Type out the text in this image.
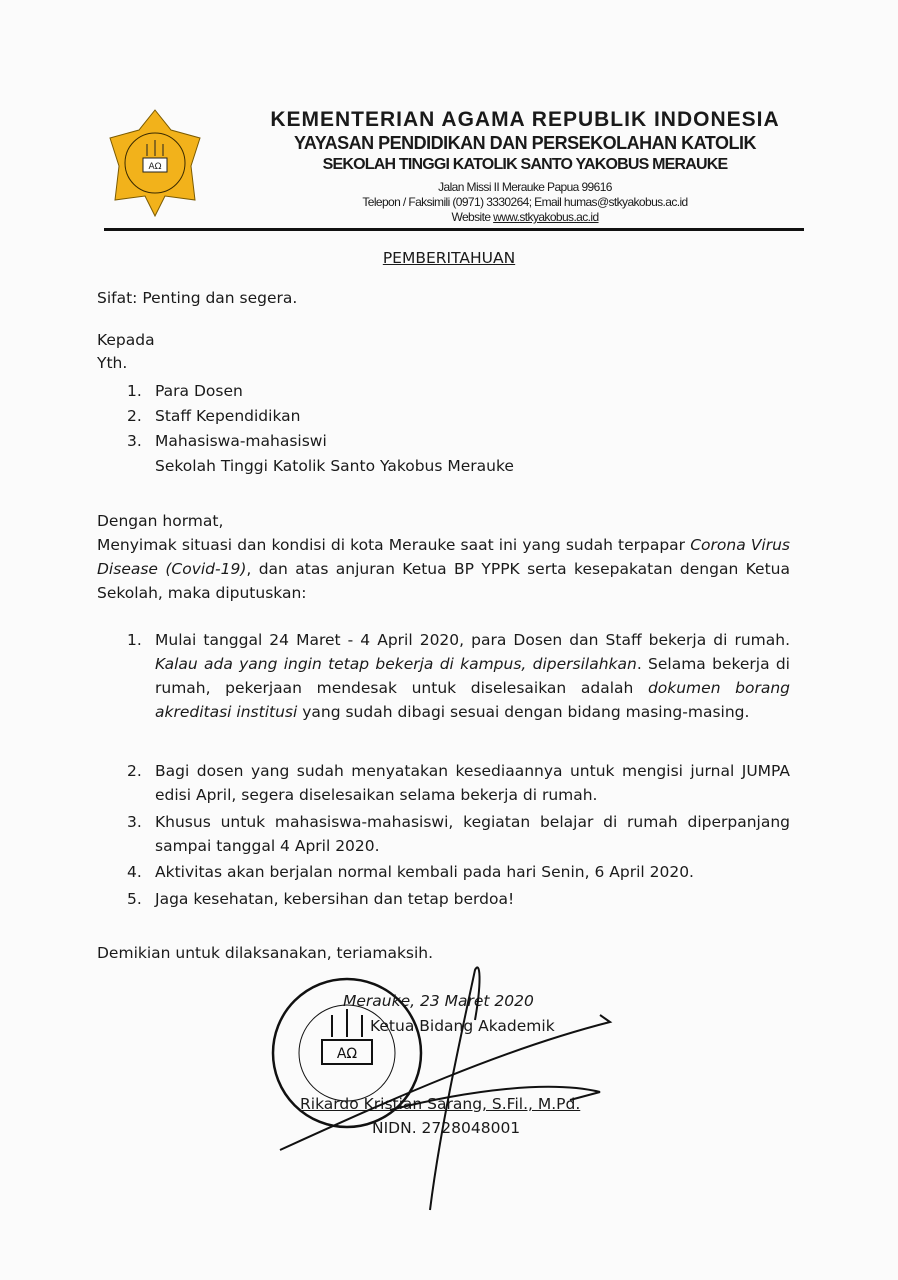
AΩ
KEMENTERIAN AGAMA REPUBLIK INDONESIA
YAYASAN PENDIDIKAN DAN PERSEKOLAHAN KATOLIK
SEKOLAH TINGGI KATOLIK SANTO YAKOBUS MERAUKE
Jalan Missi II Merauke Papua 99616
Telepon / Faksimili (0971) 3330264; Email humas@stkyakobus.ac.id
Website www.stkyakobus.ac.id
PEMBERITAHUAN
Sifat: Penting dan segera.
Kepada
Yth.
1. Para Dosen
2. Staff Kependidikan
3. Mahasiswa-mahasiswi
Sekolah Tinggi Katolik Santo Yakobus Merauke
Dengan hormat,
Menyimak situasi dan kondisi di kota Merauke saat ini yang sudah terpapar Corona Virus Disease (Covid-19), dan atas anjuran Ketua BP YPPK serta kesepakatan dengan Ketua Sekolah, maka diputuskan:
1. Mulai tanggal 24 Maret - 4 April 2020, para Dosen dan Staff bekerja di rumah. Kalau ada yang ingin tetap bekerja di kampus, dipersilahkan. Selama bekerja di rumah, pekerjaan mendesak untuk diselesaikan adalah dokumen borang akreditasi institusi yang sudah dibagi sesuai dengan bidang masing-masing.
2. Bagi dosen yang sudah menyatakan kesediaannya untuk mengisi jurnal JUMPA edisi April, segera diselesaikan selama bekerja di rumah.
3. Khusus untuk mahasiswa-mahasiswi, kegiatan belajar di rumah diperpanjang sampai tanggal 4 April 2020.
4. Aktivitas akan berjalan normal kembali pada hari Senin, 6 April 2020.
5. Jaga kesehatan, kebersihan dan tetap berdoa!
Demikian untuk dilaksanakan, teriamaksih.
AΩ
Merauke, 23 Maret 2020
Ketua Bidang Akademik
Rikardo Kristian Sarang, S.Fil., M.Pd.
NIDN. 2728048001
